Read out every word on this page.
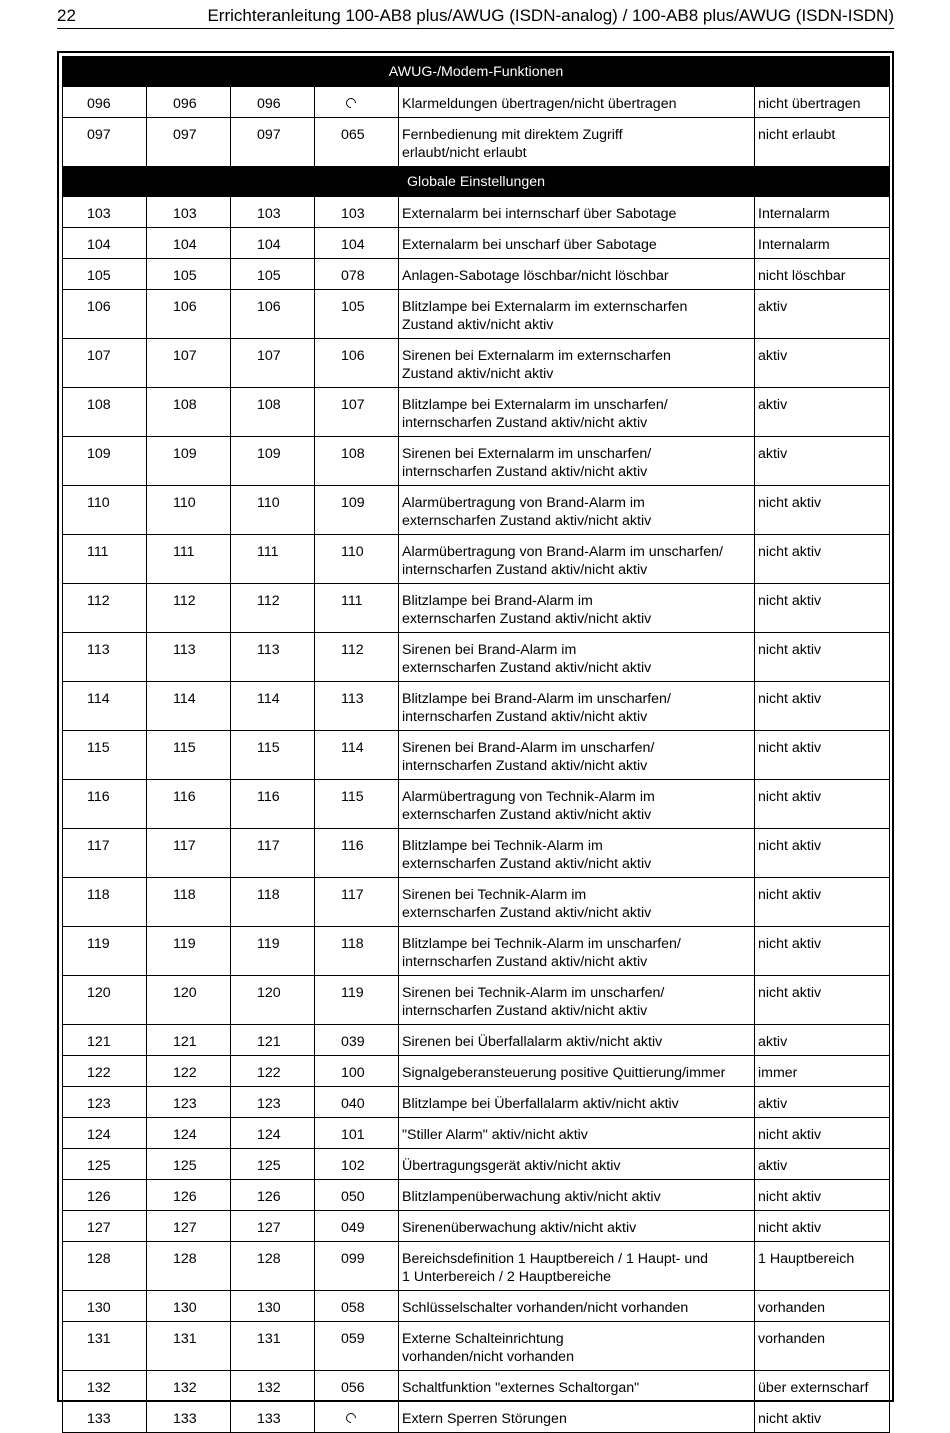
22	Errichteranleitung 100-AB8 plus/AWUG (ISDN-analog) / 100-AB8 plus/AWUG (ISDN-ISDN)
AWUG-/Modem-Funktionen					
096	096	096		Klarmeldungen übertragen/nicht übertragen	nicht übertragen
097	097	097	065	Fernbedienung mit direktem Zugriff
erlaubt/nicht erlaubt	nicht erlaubt
Globale Einstellungen					
103	103	103	103	Externalarm bei internscharf über Sabotage	Internalarm
104	104	104	104	Externalarm bei unscharf über Sabotage	Internalarm
105	105	105	078	Anlagen-Sabotage löschbar/nicht löschbar	nicht löschbar
106	106	106	105	Blitzlampe bei Externalarm im externscharfen
Zustand aktiv/nicht aktiv	aktiv
107	107	107	106	Sirenen bei Externalarm im externscharfen
Zustand aktiv/nicht aktiv	aktiv
108	108	108	107	Blitzlampe bei Externalarm im unscharfen/
internscharfen Zustand aktiv/nicht aktiv	aktiv
109	109	109	108	Sirenen bei Externalarm im unscharfen/
internscharfen Zustand aktiv/nicht aktiv	aktiv
110	110	110	109	Alarmübertragung von Brand-Alarm im
externscharfen Zustand aktiv/nicht aktiv	nicht aktiv
111	111	111	110	Alarmübertragung von Brand-Alarm im unscharfen/
internscharfen Zustand aktiv/nicht aktiv	nicht aktiv
112	112	112	111	Blitzlampe bei Brand-Alarm im
externscharfen Zustand aktiv/nicht aktiv	nicht aktiv
113	113	113	112	Sirenen bei Brand-Alarm im
externscharfen Zustand aktiv/nicht aktiv	nicht aktiv
114	114	114	113	Blitzlampe bei Brand-Alarm im unscharfen/
internscharfen Zustand aktiv/nicht aktiv	nicht aktiv
115	115	115	114	Sirenen bei Brand-Alarm im unscharfen/
internscharfen Zustand aktiv/nicht aktiv	nicht aktiv
116	116	116	115	Alarmübertragung von Technik-Alarm im
externscharfen Zustand aktiv/nicht aktiv	nicht aktiv
117	117	117	116	Blitzlampe bei Technik-Alarm im
externscharfen Zustand aktiv/nicht aktiv	nicht aktiv
118	118	118	117	Sirenen bei Technik-Alarm im
externscharfen Zustand aktiv/nicht aktiv	nicht aktiv
119	119	119	118	Blitzlampe bei Technik-Alarm im unscharfen/
internscharfen Zustand aktiv/nicht aktiv	nicht aktiv
120	120	120	119	Sirenen bei Technik-Alarm im unscharfen/
internscharfen Zustand aktiv/nicht aktiv	nicht aktiv
121	121	121	039	Sirenen bei Überfallalarm aktiv/nicht aktiv	aktiv
122	122	122	100	Signalgeberansteuerung positive Quittierung/immer	immer
123	123	123	040	Blitzlampe bei Überfallalarm aktiv/nicht aktiv	aktiv
124	124	124	101	"Stiller Alarm" aktiv/nicht aktiv	nicht aktiv
125	125	125	102	Übertragungsgerät aktiv/nicht aktiv	aktiv
126	126	126	050	Blitzlampenüberwachung aktiv/nicht aktiv	nicht aktiv
127	127	127	049	Sirenenüberwachung aktiv/nicht aktiv	nicht aktiv
128	128	128	099	Bereichsdefinition 1 Hauptbereich / 1 Haupt- und
1 Unterbereich / 2 Hauptbereiche	1 Hauptbereich
130	130	130	058	Schlüsselschalter vorhanden/nicht vorhanden	vorhanden
131	131	131	059	Externe Schalteinrichtung
vorhanden/nicht vorhanden	vorhanden
132	132	132	056	Schaltfunktion "externes Schaltorgan"	über externscharf
133	133	133		Extern Sperren Störungen	nicht aktiv
